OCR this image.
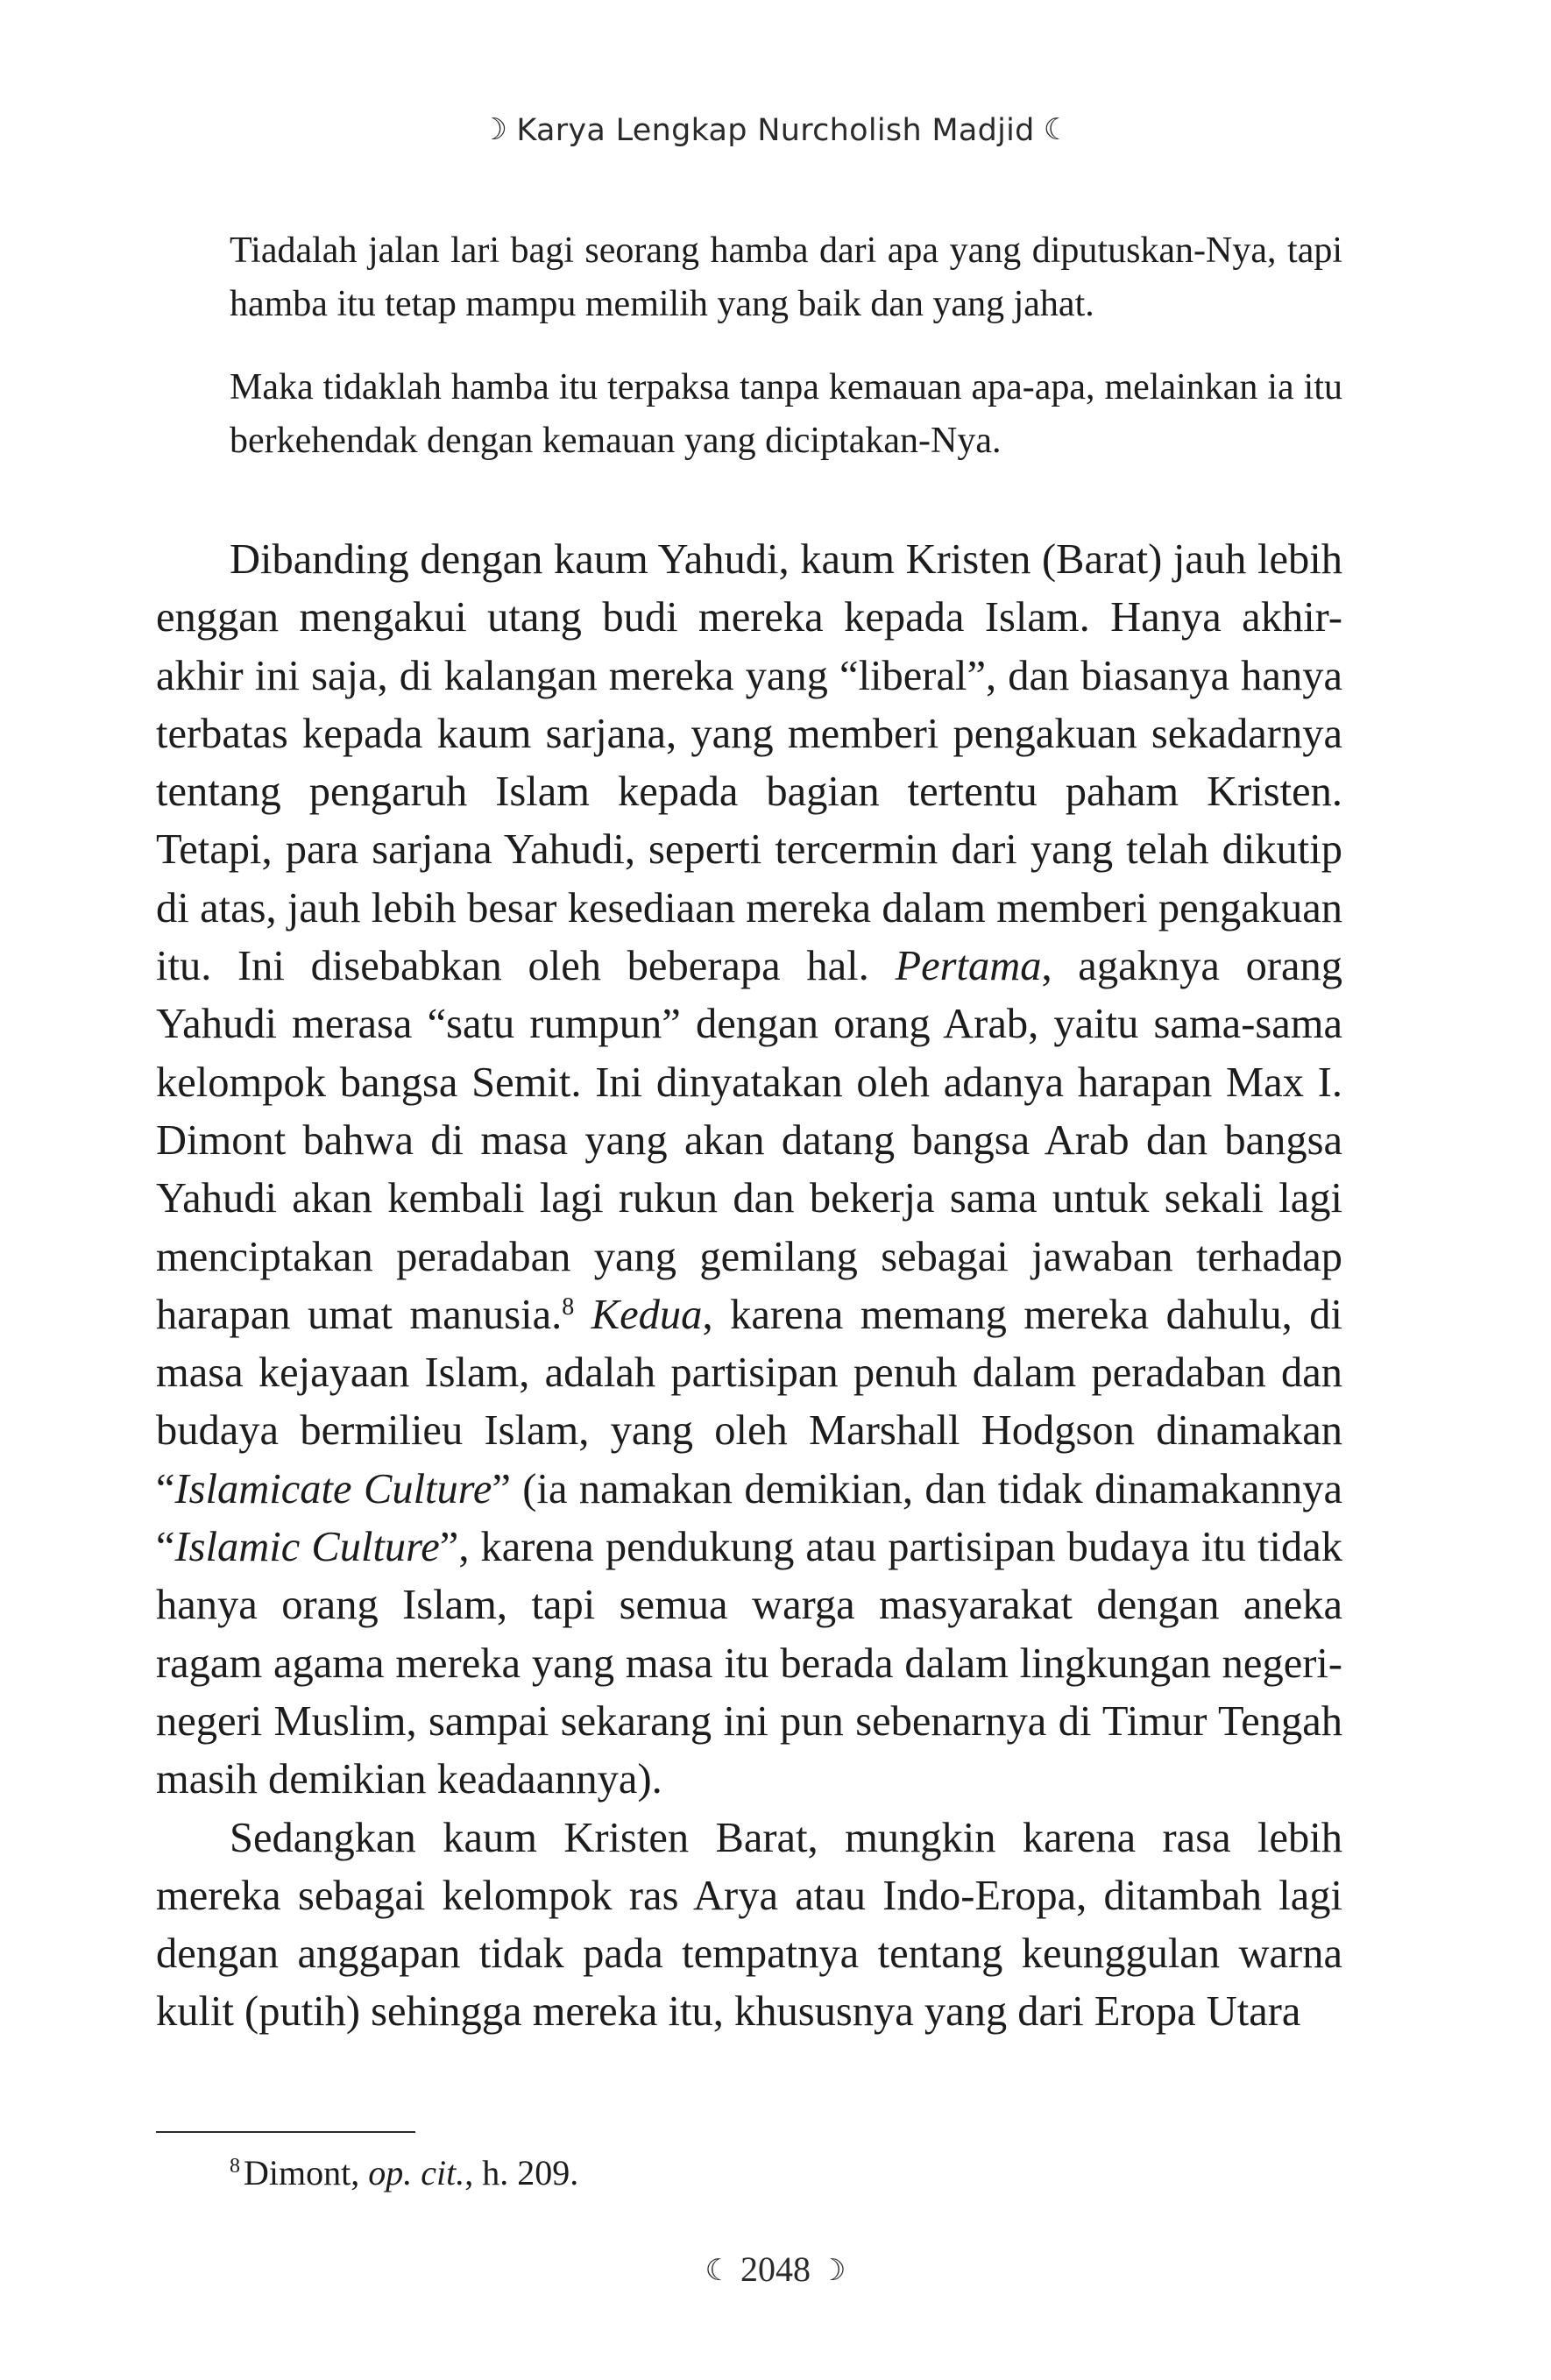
☽ Karya Lengkap Nurcholish Madjid ☾

Tiadalah jalan lari bagi seorang hamba dari apa yang diputuskan-Nya, tapi hamba itu tetap mampu memilih yang baik dan yang jahat.

Maka tidaklah hamba itu terpaksa tanpa kemauan apa-apa, melainkan ia itu berkehendak dengan kemauan yang diciptakan-Nya.

Dibanding dengan kaum Yahudi, kaum Kristen (Barat) jauh lebih enggan mengakui utang budi mereka kepada Islam. Hanya akhir-akhir ini saja, di kalangan mereka yang “liberal”, dan biasanya hanya terbatas kepada kaum sarjana, yang memberi pengakuan sekadarnya tentang pengaruh Islam kepada bagian tertentu paham Kristen. Tetapi, para sarjana Yahudi, seperti tercermin dari yang telah dikutip di atas, jauh lebih besar kesediaan mereka dalam memberi pengakuan itu. Ini disebabkan oleh beberapa hal. Pertama, agaknya orang Yahudi merasa “satu rumpun” dengan orang Arab, yaitu sama-sama kelompok bangsa Semit. Ini dinyatakan oleh adanya harapan Max I. Dimont bahwa di masa yang akan datang bangsa Arab dan bangsa Yahudi akan kembali lagi rukun dan bekerja sama untuk sekali lagi menciptakan peradaban yang gemilang sebagai jawaban terhadap harapan umat manusia.$^8$ Kedua, karena memang mereka dahulu, di masa kejayaan Islam, adalah partisipan penuh dalam peradaban dan budaya bermilieu Islam, yang oleh Marshall Hodgson dinamakan “Islamicate Culture” (ia namakan demikian, dan tidak dinamakannya “Islamic Culture”, karena pendukung atau partisipan budaya itu tidak hanya orang Islam, tapi semua warga masyarakat dengan aneka ragam agama mereka yang masa itu berada dalam lingkungan negeri-negeri Muslim, sampai sekarang ini pun sebenarnya di Timur Tengah masih demikian keadaannya).

Sedangkan kaum Kristen Barat, mungkin karena rasa lebih mereka sebagai kelompok ras Arya atau Indo-Eropa, ditambah lagi dengan anggapan tidak pada tempatnya tentang keunggulan warna kulit (putih) sehingga mereka itu, khususnya yang dari Eropa Utara

$^8$ Dimont, op. cit., h. 209.

☾ 2048 ☽
